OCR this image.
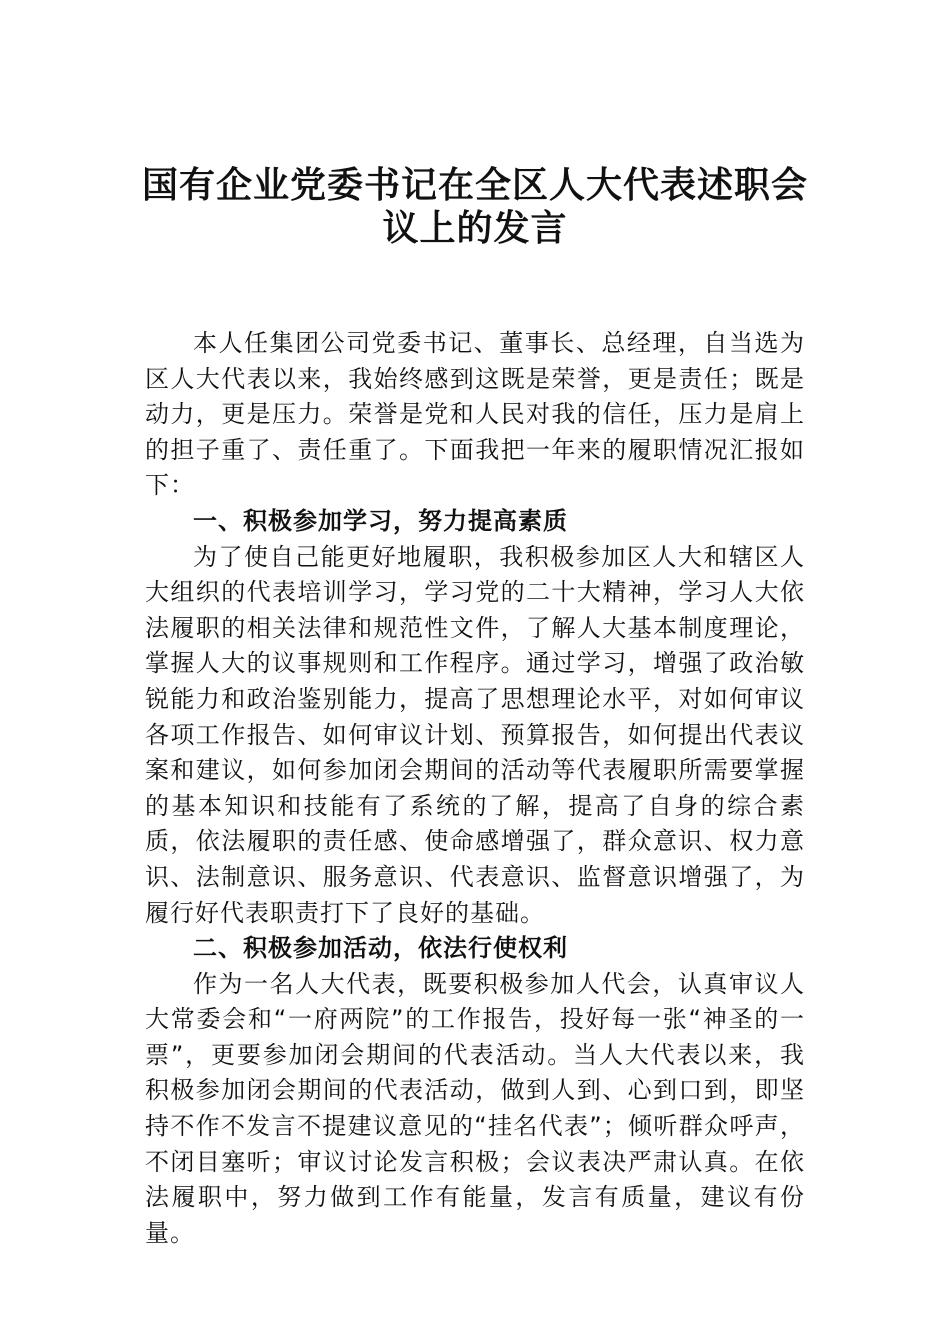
国有企业党委书记在全区人大代表述职会
议上的发言

本人任集团公司党委书记、董事长、总经理，自当选为区人大代表以来，我始终感到这既是荣誉，更是责任；既是动力，更是压力。荣誉是党和人民对我的信任，压力是肩上的担子重了、责任重了。下面我把一年来的履职情况汇报如下：

一、积极参加学习，努力提高素质

为了使自己能更好地履职，我积极参加区人大和辖区人大组织的代表培训学习，学习党的二十大精神，学习人大依法履职的相关法律和规范性文件，了解人大基本制度理论，掌握人大的议事规则和工作程序。通过学习，增强了政治敏锐能力和政治鉴别能力，提高了思想理论水平，对如何审议各项工作报告、如何审议计划、预算报告，如何提出代表议案和建议，如何参加闭会期间的活动等代表履职所需要掌握的基本知识和技能有了系统的了解，提高了自身的综合素质，依法履职的责任感、使命感增强了，群众意识、权力意识、法制意识、服务意识、代表意识、监督意识增强了，为履行好代表职责打下了良好的基础。

二、积极参加活动，依法行使权利

作为一名人大代表，既要积极参加人代会，认真审议人大常委会和“一府两院”的工作报告，投好每一张“神圣的一票”，更要参加闭会期间的代表活动。当人大代表以来，我积极参加闭会期间的代表活动，做到人到、心到口到，即坚持不作不发言不提建议意见的“挂名代表”；倾听群众呼声，不闭目塞听；审议讨论发言积极；会议表决严肃认真。在依法履职中，努力做到工作有能量，发言有质量，建议有份量。
